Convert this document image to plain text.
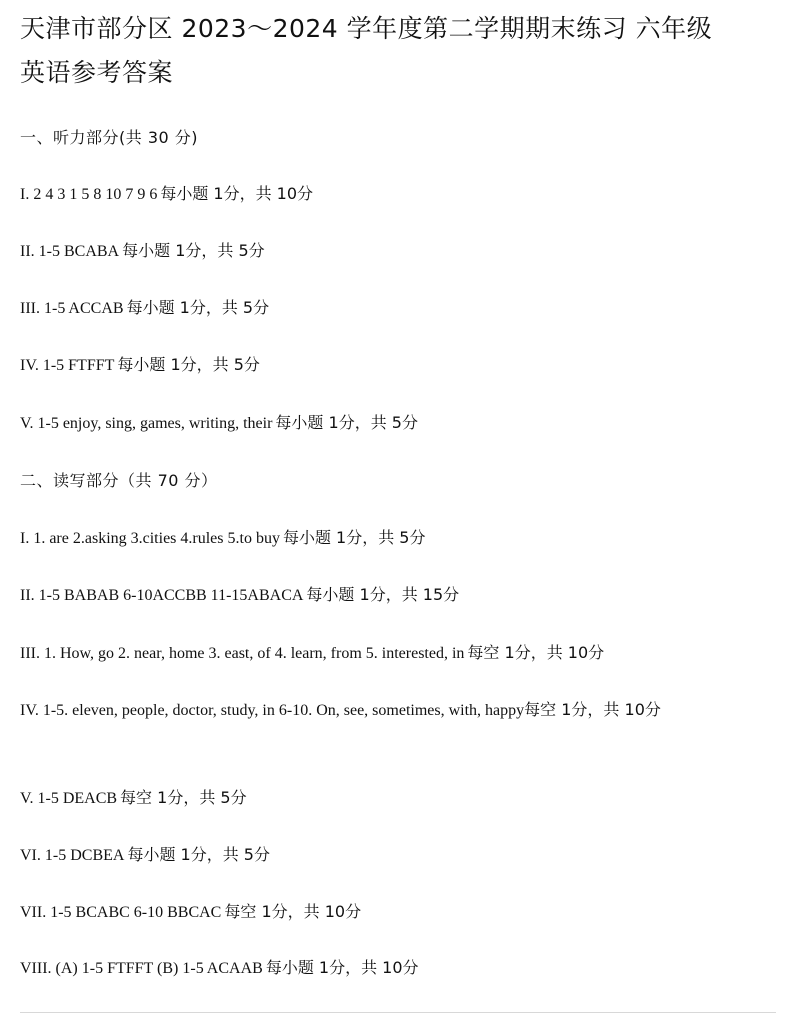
天津市部分区 2023～2024 学年度第二学期期末练习 六年级
英语参考答案
一、听力部分(共 30 分)
I. 2 4 3 1 5 8 10 7 9 6 每小题 1分，共 10分
II. 1-5 BCABA 每小题 1分，共 5分
III. 1-5 ACCAB 每小题 1分，共 5分
IV. 1-5 FTFFT 每小题 1分，共 5分
V. 1-5 enjoy, sing, games, writing, their 每小题 1分，共 5分
二、读写部分（共 70 分）
I. 1. are 2.asking 3.cities 4.rules 5.to buy 每小题 1分，共 5分
II. 1-5 BABAB 6-10ACCBB 11-15ABACA 每小题 1分，共 15分
III. 1. How, go 2. near, home 3. east, of 4. learn, from 5. interested, in 每空 1分，共 10分
IV. 1-5. eleven, people, doctor, study, in 6-10. On, see, sometimes, with, happy每空 1分，共 10分
V. 1-5 DEACB 每空 1分，共 5分
VI. 1-5 DCBEA 每小题 1分，共 5分
VII. 1-5 BCABC 6-10 BBCAC 每空 1分，共 10分
VIII. (A) 1-5 FTFFT (B) 1-5 ACAAB 每小题 1分，共 10分
